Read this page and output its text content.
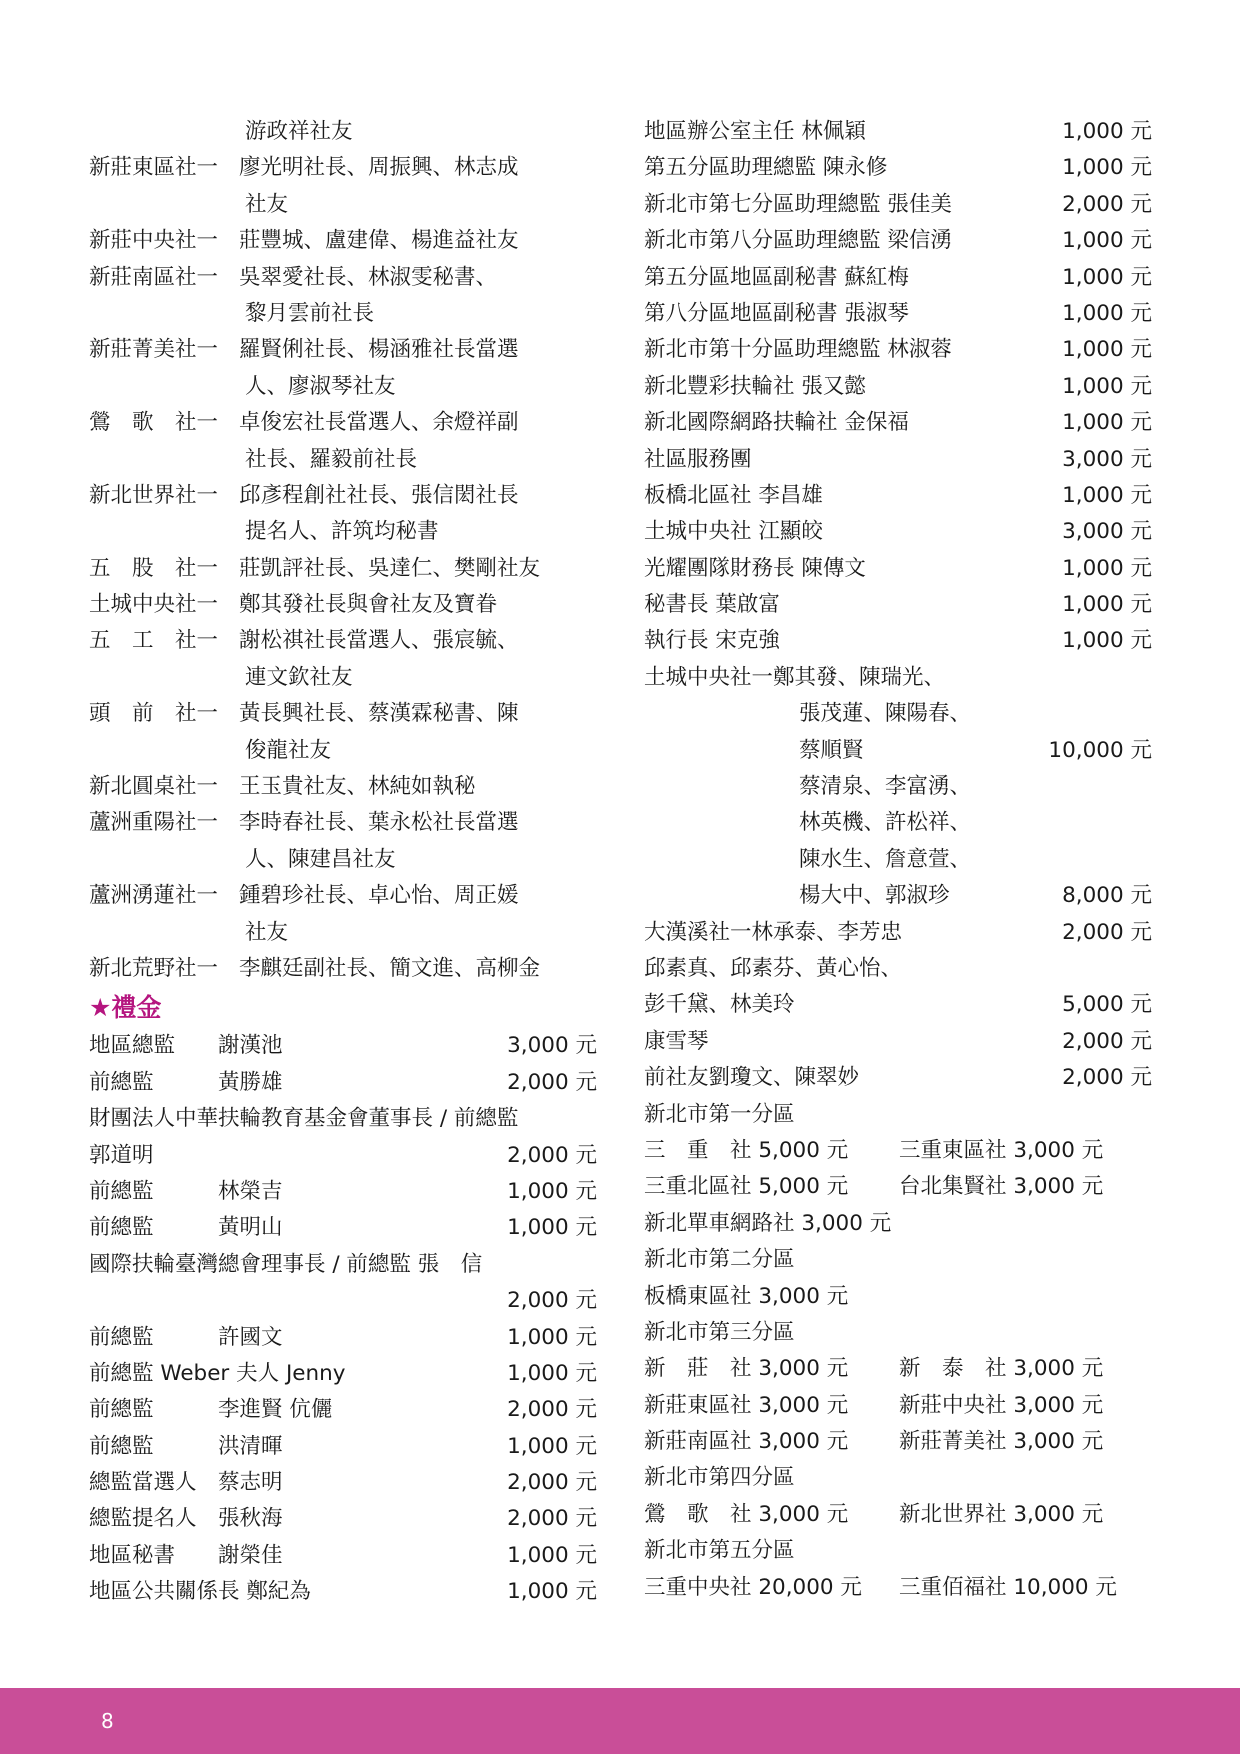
游政祥社友
新莊東區社一 廖光明社長、周振興、林志成
社友
新莊中央社一 莊豐城、盧建偉、楊進益社友
新莊南區社一 吳翠愛社長、林淑雯秘書、
黎月雲前社長
新莊菁美社一 羅賢俐社長、楊涵雅社長當選
人、廖淑琴社友
鶯　歌　社一 卓俊宏社長當選人、余燈祥副
社長、羅毅前社長
新北世界社一 邱彥程創社社長、張信閎社長
提名人、許筑均秘書
五　股　社一 莊凱評社長、吳達仁、樊剛社友
土城中央社一 鄭其發社長與會社友及寶眷
五　工　社一 謝松祺社長當選人、張宸毓、
連文欽社友
頭　前　社一 黃長興社長、蔡漢霖秘書、陳
俊龍社友
新北圓桌社一 王玉貴社友、林純如執秘
蘆洲重陽社一 李時春社長、葉永松社長當選
人、陳建昌社友
蘆洲湧蓮社一 鍾碧珍社長、卓心怡、周正媛
社友
新北荒野社一 李麒廷副社長、簡文進、高柳金
★禮金
地區總監　　謝漢池	3,000 元
前總監　　　黃勝雄	2,000 元
財團法人中華扶輪教育基金會董事長 / 前總監
郭道明	2,000 元
前總監　　　林榮吉	1,000 元
前總監　　　黃明山	1,000 元
國際扶輪臺灣總會理事長 / 前總監 張　信
2,000 元
前總監　　　許國文	1,000 元
前總監 Weber 夫人 Jenny	1,000 元
前總監　　　李進賢 伉儷	2,000 元
前總監　　　洪清暉	1,000 元
總監當選人　蔡志明	2,000 元
總監提名人　張秋海	2,000 元
地區秘書　　謝榮佳	1,000 元
地區公共關係長 鄭紀為	1,000 元
地區辦公室主任 林佩穎	1,000 元
第五分區助理總監 陳永修	1,000 元
新北市第七分區助理總監 張佳美	2,000 元
新北市第八分區助理總監 梁信湧	1,000 元
第五分區地區副秘書 蘇紅梅	1,000 元
第八分區地區副秘書 張淑琴	1,000 元
新北市第十分區助理總監 林淑蓉	1,000 元
新北豐彩扶輪社 張又懿	1,000 元
新北國際網路扶輪社 金保福	1,000 元
社區服務團	3,000 元
板橋北區社 李昌雄	1,000 元
土城中央社 江顯皎	3,000 元
光耀團隊財務長 陳傳文	1,000 元
秘書長 葉啟富	1,000 元
執行長 宋克強	1,000 元
土城中央社一鄭其發、陳瑞光、
張茂蓮、陳陽春、
蔡順賢	10,000 元
蔡清泉、李富湧、
林英機、許松祥、
陳水生、詹意萱、
楊大中、郭淑珍	8,000 元
大漢溪社一林承泰、李芳忠	2,000 元
邱素真、邱素芬、黃心怡、
彭千黛、林美玲	5,000 元
康雪琴	2,000 元
前社友劉瓊文、陳翠妙	2,000 元
新北市第一分區
三　重　社 5,000 元 三重東區社 3,000 元
三重北區社 5,000 元 台北集賢社 3,000 元
新北單車網路社 3,000 元
新北市第二分區
板橋東區社 3,000 元
新北市第三分區
新　莊　社 3,000 元 新　泰　社 3,000 元
新莊東區社 3,000 元 新莊中央社 3,000 元
新莊南區社 3,000 元 新莊菁美社 3,000 元
新北市第四分區
鶯　歌　社 3,000 元 新北世界社 3,000 元
新北市第五分區
三重中央社 20,000 元 三重佰福社 10,000 元
8
